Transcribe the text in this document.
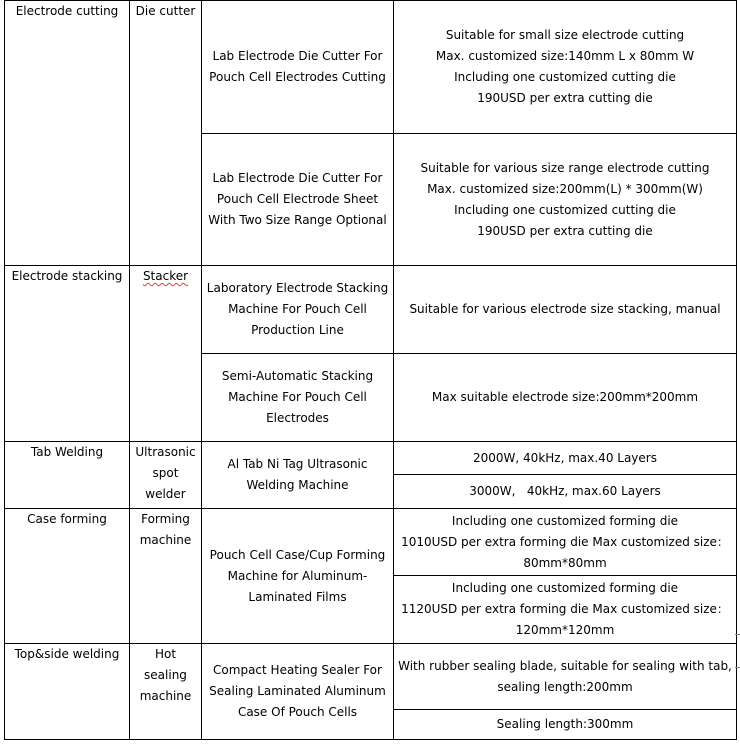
Electrode cutting	Die cutter	Lab Electrode Die Cutter For Pouch Cell Electrodes Cutting	Suitable for small size electrode cutting
Max. customized size:140mm L x 80mm W
Including one customized cutting die
190USD per extra cutting die

		Lab Electrode Die Cutter For Pouch Cell Electrode Sheet With Two Size Range Optional	Suitable for various size range electrode cutting
Max. customized size:200mm(L) * 300mm(W)
Including one customized cutting die
190USD per extra cutting die

Electrode stacking	Stacker	Laboratory Electrode Stacking Machine For Pouch Cell Production Line	Suitable for various electrode size stacking, manual

		Semi-Automatic Stacking Machine For Pouch Cell Electrodes	Max suitable electrode size:200mm*200mm

Tab Welding	Ultrasonic spot welder	Al Tab Ni Tag Ultrasonic Welding Machine	2000W, 40kHz, max.40 Layers

			3000W,   40kHz, max.60 Layers

Case forming	Forming machine	Pouch Cell Case/Cup Forming Machine for Aluminum-Laminated Films	Including one customized forming die
1010USD per extra forming die Max customized size：
80mm*80mm

			Including one customized forming die
1120USD per extra forming die Max customized size：
120mm*120mm

Top&side welding	Hot sealing machine	Compact Heating Sealer For Sealing Laminated Aluminum Case Of Pouch Cells	With rubber sealing blade, suitable for sealing with tab,
sealing length:200mm

			Sealing length:300mm
